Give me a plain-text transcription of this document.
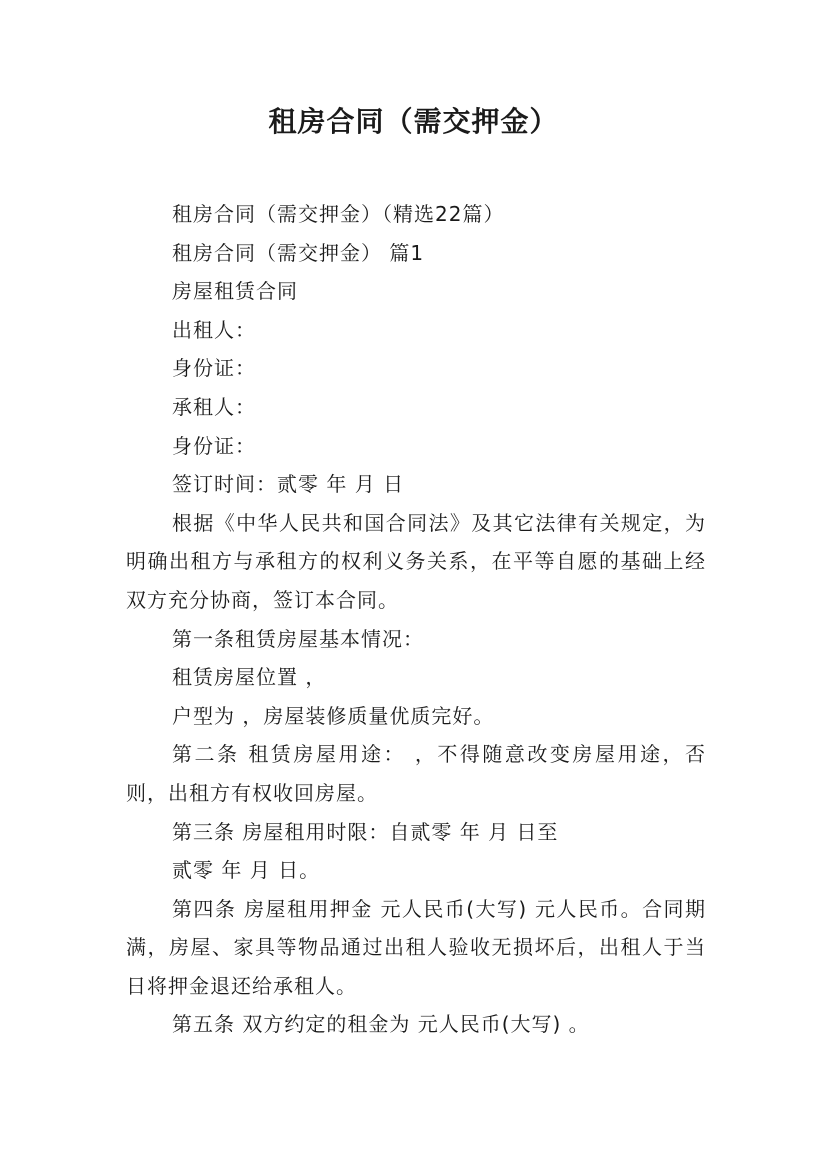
租房合同（需交押金）

租房合同（需交押金）（精选22篇）

租房合同（需交押金） 篇1

房屋租赁合同

出租人：

身份证：

承租人：

身份证：

签订时间：贰零 年 月 日

根据《中华人民共和国合同法》及其它法律有关规定，为明确出租方与承租方的权利义务关系，在平等自愿的基础上经双方充分协商，签订本合同。

第一条租赁房屋基本情况：

租赁房屋位置 ，

户型为 ，房屋装修质量优质完好。

第二条 租赁房屋用途： ，不得随意改变房屋用途，否则，出租方有权收回房屋。

第三条 房屋租用时限：自贰零 年 月 日至

贰零 年 月 日。

第四条 房屋租用押金 元人民币(大写) 元人民币。合同期满，房屋、家具等物品通过出租人验收无损坏后，出租人于当日将押金退还给承租人。

第五条 双方约定的租金为 元人民币(大写) 。
